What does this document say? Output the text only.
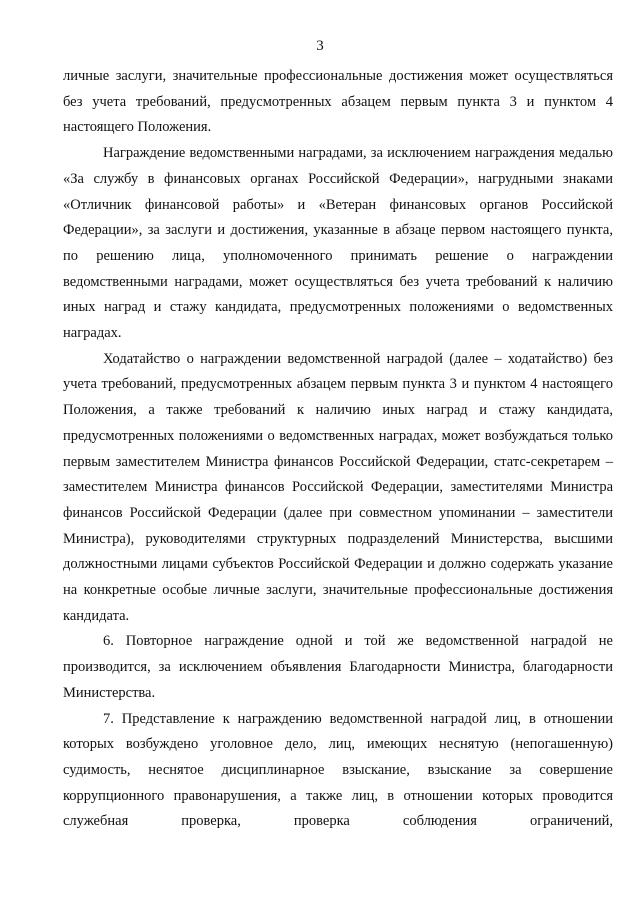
3

личные заслуги, значительные профессиональные достижения может осуществляться без учета требований, предусмотренных абзацем первым пункта 3 и пунктом 4 настоящего Положения.

Награждение ведомственными наградами, за исключением награждения медалью «За службу в финансовых органах Российской Федерации», нагрудными знаками «Отличник финансовой работы» и «Ветеран финансовых органов Российской Федерации», за заслуги и достижения, указанные в абзаце первом настоящего пункта, по решению лица, уполномоченного принимать решение о награждении ведомственными наградами, может осуществляться без учета требований к наличию иных наград и стажу кандидата, предусмотренных положениями о ведомственных наградах.

Ходатайство о награждении ведомственной наградой (далее – ходатайство) без учета требований, предусмотренных абзацем первым пункта 3 и пунктом 4 настоящего Положения, а также требований к наличию иных наград и стажу кандидата, предусмотренных положениями о ведомственных наградах, может возбуждаться только первым заместителем Министра финансов Российской Федерации, статс-секретарем – заместителем Министра финансов Российской Федерации, заместителями Министра финансов Российской Федерации (далее при совместном упоминании – заместители Министра), руководителями структурных подразделений Министерства, высшими должностными лицами субъектов Российской Федерации и должно содержать указание на конкретные особые личные заслуги, значительные профессиональные достижения кандидата.

6. Повторное награждение одной и той же ведомственной наградой не производится, за исключением объявления Благодарности Министра, благодарности Министерства.

7. Представление к награждению ведомственной наградой лиц, в отношении которых возбуждено уголовное дело, лиц, имеющих неснятую (непогашенную) судимость, неснятое дисциплинарное взыскание, взыскание за совершение коррупционного правонарушения, а также лиц, в отношении которых проводится служебная проверка, проверка соблюдения ограничений,
